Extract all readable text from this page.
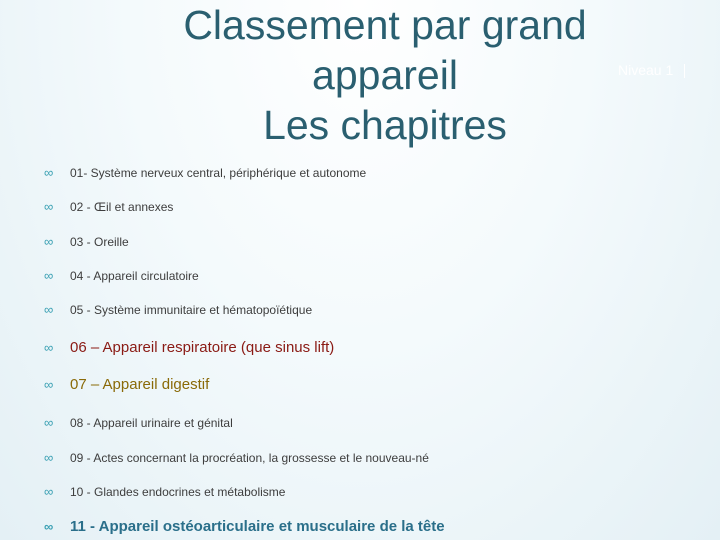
Classement par grand
appareil
Les chapitres
Niveau 1
∞ 01- Système nerveux central, périphérique et autonome
∞ 02 - Œil et annexes
∞ 03 - Oreille
∞ 04 - Appareil circulatoire
∞ 05 - Système immunitaire et hématopoïétique
∞ 06 – Appareil respiratoire (que sinus lift)
∞ 07 – Appareil digestif
∞ 08 - Appareil urinaire et génital
∞ 09 - Actes concernant la procréation, la grossesse et le nouveau-né
∞ 10 - Glandes endocrines et métabolisme
∞ 11 - Appareil ostéoarticulaire et musculaire de la tête
